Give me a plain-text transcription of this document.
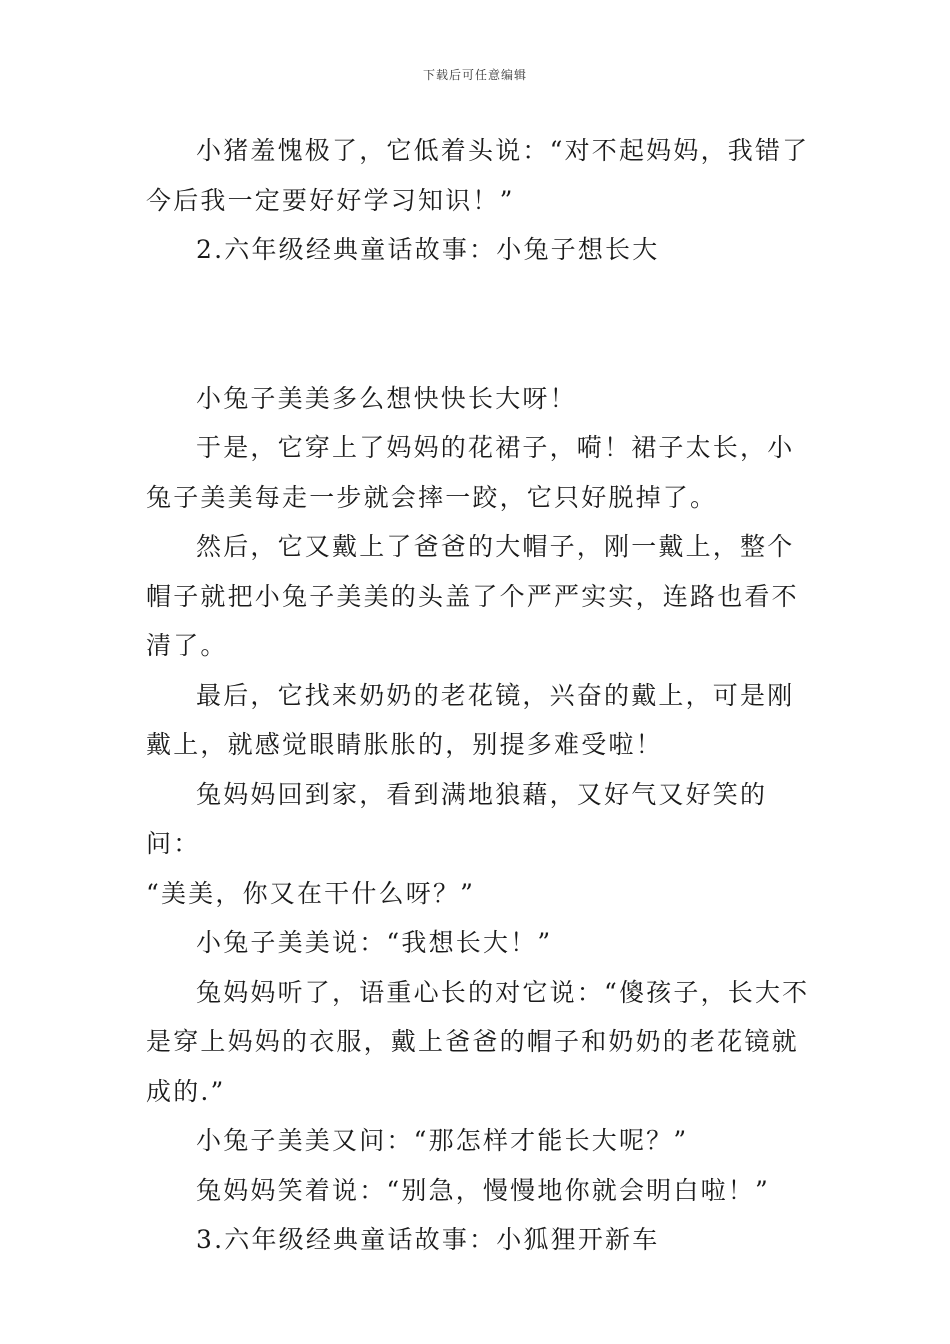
下载后可任意编辑

小猪羞愧极了，它低着头说：“对不起妈妈，我错了今后我一定要好好学习知识！”

2.六年级经典童话故事：小兔子想长大

小兔子美美多么想快快长大呀！

于是，它穿上了妈妈的花裙子，嗬！裙子太长，小兔子美美每走一步就会摔一跤，它只好脱掉了。

然后，它又戴上了爸爸的大帽子，刚一戴上，整个帽子就把小兔子美美的头盖了个严严实实，连路也看不清了。

最后，它找来奶奶的老花镜，兴奋的戴上，可是刚戴上，就感觉眼睛胀胀的，别提多难受啦！

兔妈妈回到家，看到满地狼藉，又好气又好笑的问：

“美美，你又在干什么呀？”

小兔子美美说：“我想长大！”

兔妈妈听了，语重心长的对它说：“傻孩子，长大不是穿上妈妈的衣服，戴上爸爸的帽子和奶奶的老花镜就成的.”

小兔子美美又问：“那怎样才能长大呢？”

兔妈妈笑着说：“别急，慢慢地你就会明白啦！”

3.六年级经典童话故事：小狐狸开新车
